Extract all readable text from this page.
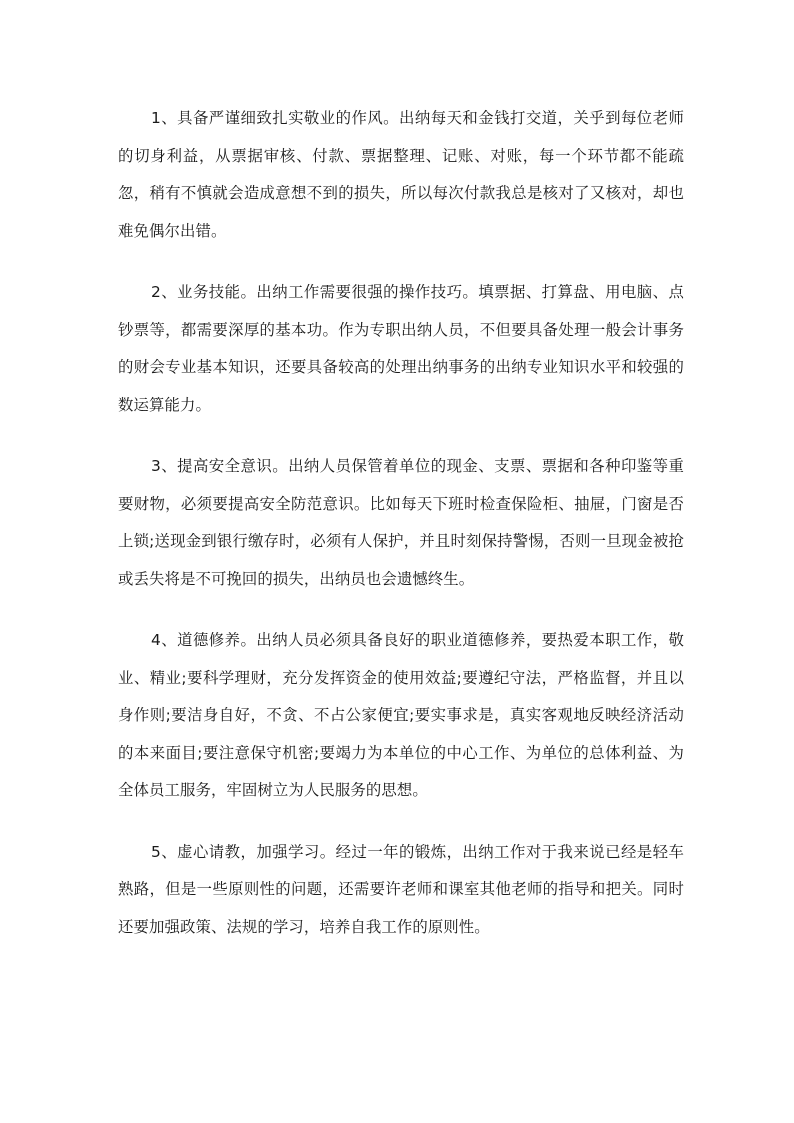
1、具备严谨细致扎实敬业的作风。出纳每天和金钱打交道，关乎到每位老师的切身利益，从票据审核、付款、票据整理、记账、对账，每一个环节都不能疏忽，稍有不慎就会造成意想不到的损失，所以每次付款我总是核对了又核对，却也难免偶尔出错。

2、业务技能。出纳工作需要很强的操作技巧。填票据、打算盘、用电脑、点钞票等，都需要深厚的基本功。作为专职出纳人员，不但要具备处理一般会计事务的财会专业基本知识，还要具备较高的处理出纳事务的出纳专业知识水平和较强的数运算能力。

3、提高安全意识。出纳人员保管着单位的现金、支票、票据和各种印鉴等重要财物，必须要提高安全防范意识。比如每天下班时检查保险柜、抽屉，门窗是否上锁;送现金到银行缴存时，必须有人保护，并且时刻保持警惕，否则一旦现金被抢或丢失将是不可挽回的损失，出纳员也会遗憾终生。

4、道德修养。出纳人员必须具备良好的职业道德修养，要热爱本职工作，敬业、精业;要科学理财，充分发挥资金的使用效益;要遵纪守法，严格监督，并且以身作则;要洁身自好，不贪、不占公家便宜;要实事求是，真实客观地反映经济活动的本来面目;要注意保守机密;要竭力为本单位的中心工作、为单位的总体利益、为全体员工服务，牢固树立为人民服务的思想。

5、虚心请教，加强学习。经过一年的锻炼，出纳工作对于我来说已经是轻车熟路，但是一些原则性的问题，还需要许老师和课室其他老师的指导和把关。同时还要加强政策、法规的学习，培养自我工作的原则性。
